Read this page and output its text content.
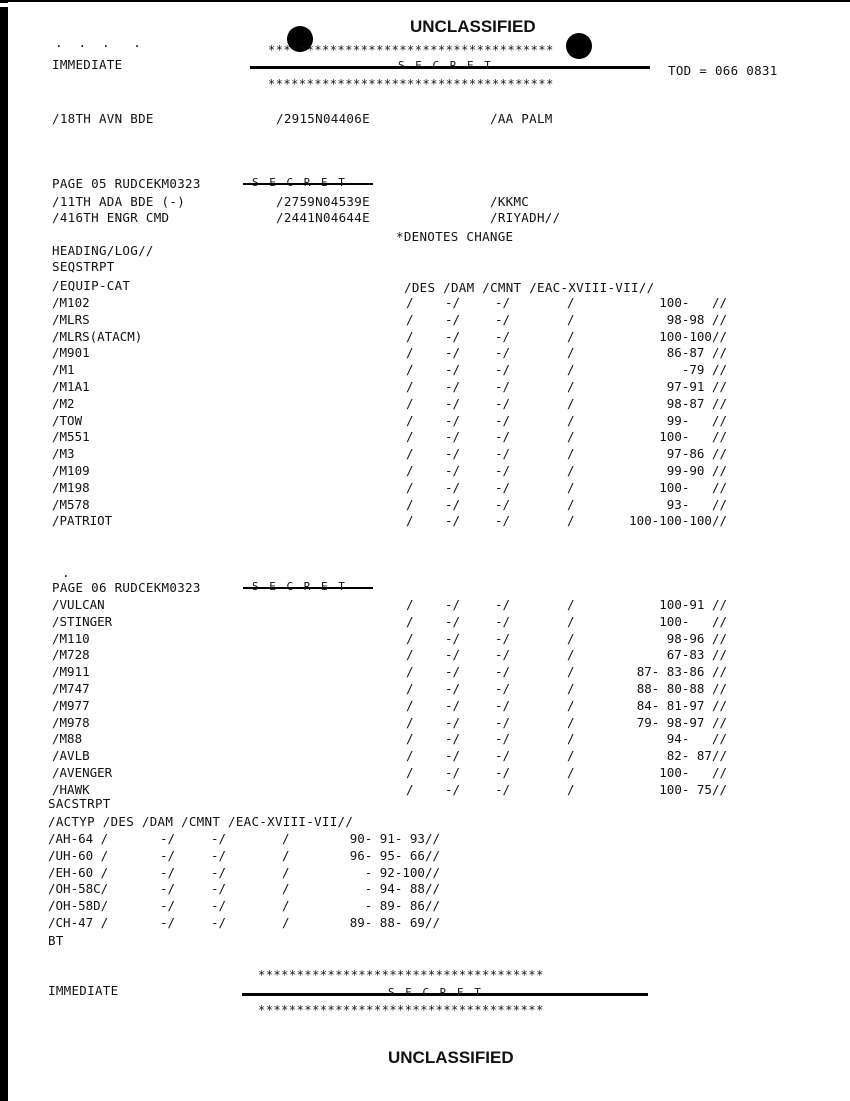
UNCLASSIFIED
*************************************
.  .  .   .
IMMEDIATE	S E C R E T	TOD = 066 0831
*************************************
/18TH AVN BDE	/2915N04406E	/AA PALM
PAGE 05 RUDCEKM0323	S E C R E T
/11TH ADA BDE (-)	/2759N04539E	/KKMC
/416TH ENGR CMD	/2441N04644E	/RIYADH//
*DENOTES CHANGE
HEADING/LOG//
SEQSTRPT
/EQUIP-CAT	/DES /DAM /CMNT /EAC-XVIII-VII//
/M102	/	-/	-/	/	100-   //
/MLRS	/	-/	-/	/	98-98 //
/MLRS(ATACM)	/	-/	-/	/	100-100//
/M901	/	-/	-/	/	86-87 //
/M1	/	-/	-/	/	-79 //
/M1A1	/	-/	-/	/	97-91 //
/M2	/	-/	-/	/	98-87 //
/TOW	/	-/	-/	/	99-   //
/M551	/	-/	-/	/	100-   //
/M3	/	-/	-/	/	97-86 //
/M109	/	-/	-/	/	99-90 //
/M198	/	-/	-/	/	100-   //
/M578	/	-/	-/	/	93-   //
/PATRIOT	/	-/	-/	/	100-100-100//
.
PAGE 06 RUDCEKM0323	S E C R E T
/VULCAN	/	-/	-/	/	100-91 //
/STINGER	/	-/	-/	/	100-   //
/M110	/	-/	-/	/	98-96 //
/M728	/	-/	-/	/	67-83 //
/M911	/	-/	-/	/	87- 83-86 //
/M747	/	-/	-/	/	88- 80-88 //
/M977	/	-/	-/	/	84- 81-97 //
/M978	/	-/	-/	/	79- 98-97 //
/M88	/	-/	-/	/	94-   //
/AVLB	/	-/	-/	/	82- 87//
/AVENGER	/	-/	-/	/	100-   //
/HAWK	/	-/	-/	/	100- 75//
SACSTRPT
/ACTYP /DES /DAM /CMNT /EAC-XVIII-VII//
/AH-64 /	-/	-/	/	90- 91- 93//
/UH-60 /	-/	-/	/	96- 95- 66//
/EH-60 /	-/	-/	/	- 92-100//
/OH-58C/	-/	-/	/	- 94- 88//
/OH-58D/	-/	-/	/	- 89- 86//
/CH-47 /	-/	-/	/	89- 88- 69//
BT
*************************************
IMMEDIATE	S E C R E T
*************************************
UNCLASSIFIED
